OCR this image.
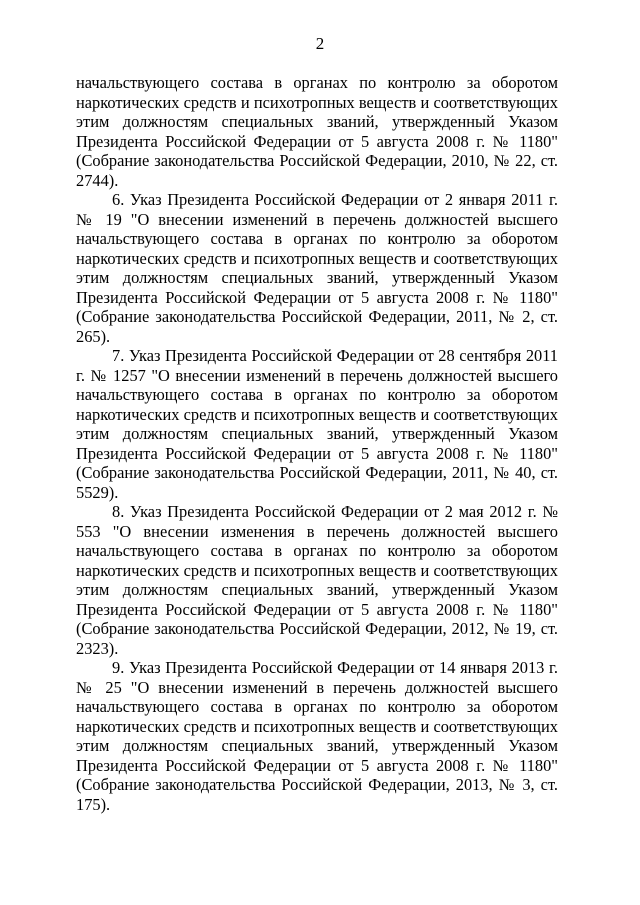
2

начальствующего состава в органах по контролю за оборотом наркотических средств и психотропных веществ и соответствующих этим должностям специальных званий, утвержденный Указом Президента Российской Федерации от 5 августа 2008 г. № 1180" (Собрание законодательства Российской Федерации, 2010, № 22, ст. 2744).

6. Указ Президента Российской Федерации от 2 января 2011 г. № 19 "О внесении изменений в перечень должностей высшего начальствующего состава в органах по контролю за оборотом наркотических средств и психотропных веществ и соответствующих этим должностям специальных званий, утвержденный Указом Президента Российской Федерации от 5 августа 2008 г. № 1180" (Собрание законодательства Российской Федерации, 2011, № 2, ст. 265).

7. Указ Президента Российской Федерации от 28 сентября 2011 г. № 1257 "О внесении изменений в перечень должностей высшего начальствующего состава в органах по контролю за оборотом наркотических средств и психотропных веществ и соответствующих этим должностям специальных званий, утвержденный Указом Президента Российской Федерации от 5 августа 2008 г. № 1180" (Собрание законодательства Российской Федерации, 2011, № 40, ст. 5529).

8. Указ Президента Российской Федерации от 2 мая 2012 г. № 553 "О внесении изменения в перечень должностей высшего начальствующего состава в органах по контролю за оборотом наркотических средств и психотропных веществ и соответствующих этим должностям специальных званий, утвержденный Указом Президента Российской Федерации от 5 августа 2008 г. № 1180" (Собрание законодательства Российской Федерации, 2012, № 19, ст. 2323).

9. Указ Президента Российской Федерации от 14 января 2013 г. № 25 "О внесении изменений в перечень должностей высшего начальствующего состава в органах по контролю за оборотом наркотических средств и психотропных веществ и соответствующих этим должностям специальных званий, утвержденный Указом Президента Российской Федерации от 5 августа 2008 г. № 1180" (Собрание законодательства Российской Федерации, 2013, № 3, ст. 175).
